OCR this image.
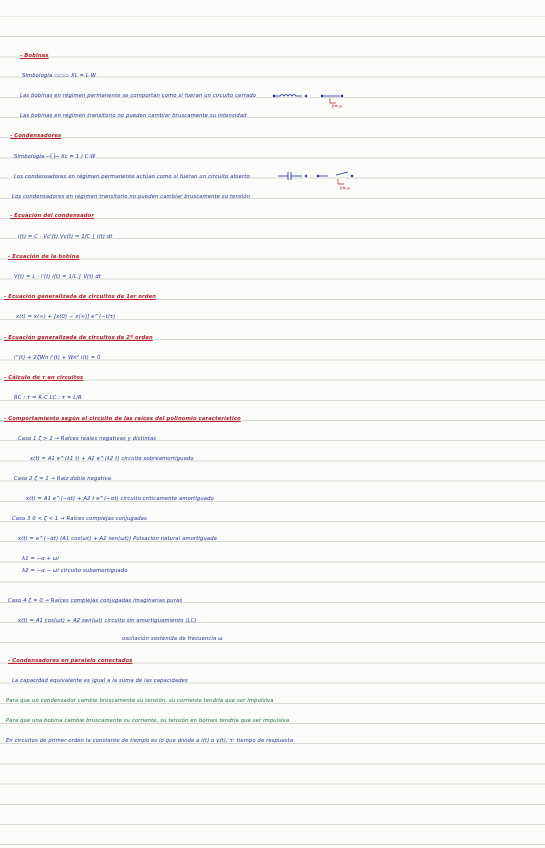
- Bobinas
Simbología ▭▭▭ XL = L·W
Las bobinas en régimen permanente se comportan como si fueran un circuito cerrado
Las bobinas en régimen transitorio no pueden cambiar bruscamente su intensidad
t=∞
- Condensadores
Simbología ─┤├─ Xc = 1 / C·W
Los condensadores en régimen permanente actúan como si fueran un circuito abierto
Los condensadores en régimen transitorio no pueden cambiar bruscamente su tensión
t=∞
- Ecuación del condensador
i(t) = C · Vc'(t) Vc(t) = 1/C ∫ i(t) dt
- Ecuación de la bobina
V(t) = L · i'(t) i(t) = 1/L ∫ V(t) dt
- Ecuación generalizada de circuitos de 1er orden
x(t) = x(∞) + [x(0) − x(∞)] e^(−t/τ)
- Ecuación generalizada de circuitos de 2º orden
i''(t) + 2ζWn i'(t) + Wn² i(t) = 0
- Cálculo de τ en circuitos
RC : τ = R·C LC : τ = L/R
- Comportamiento según el circuito de las raíces del polinomio característico
Caso 1 ζ > 1 → Raíces reales negativas y distintas
x(t) = A1 e^(λ1 t) + A2 e^(λ2 t) circuito sobreamortiguado
Caso 2 ζ = 1 → Raíz doble negativa
x(t) = A1 e^(−αt) + A2 t e^(−αt) circuito críticamente amortiguado
Caso 3 0 < ζ < 1 → Raíces complejas conjugadas
x(t) = e^(−αt) (A1 cos(ωt) + A2 sen(ωt)) Pulsación natural amortiguada
λ1 = −α + ωi
λ2 = −α − ωi circuito subamortiguado
Caso 4 ζ = 0 → Raíces complejas conjugadas imaginarias puras
x(t) = A1 cos(ωt) + A2 sen(ωt) circuito sin amortiguamiento (LC)
oscilación sostenida de frecuencia ω
- Condensadores en paralelo conectados
La capacidad equivalente es igual a la suma de las capacidades
Para que un condensador cambie bruscamente su tensión, su corriente tendría que ser impulsiva
Para que una bobina cambie bruscamente su corriente, su tensión en bornes tendría que ser impulsiva
En circuitos de primer orden la constante de tiempo es lo que divide a i(t) o v(t), τ: tiempo de respuesta
